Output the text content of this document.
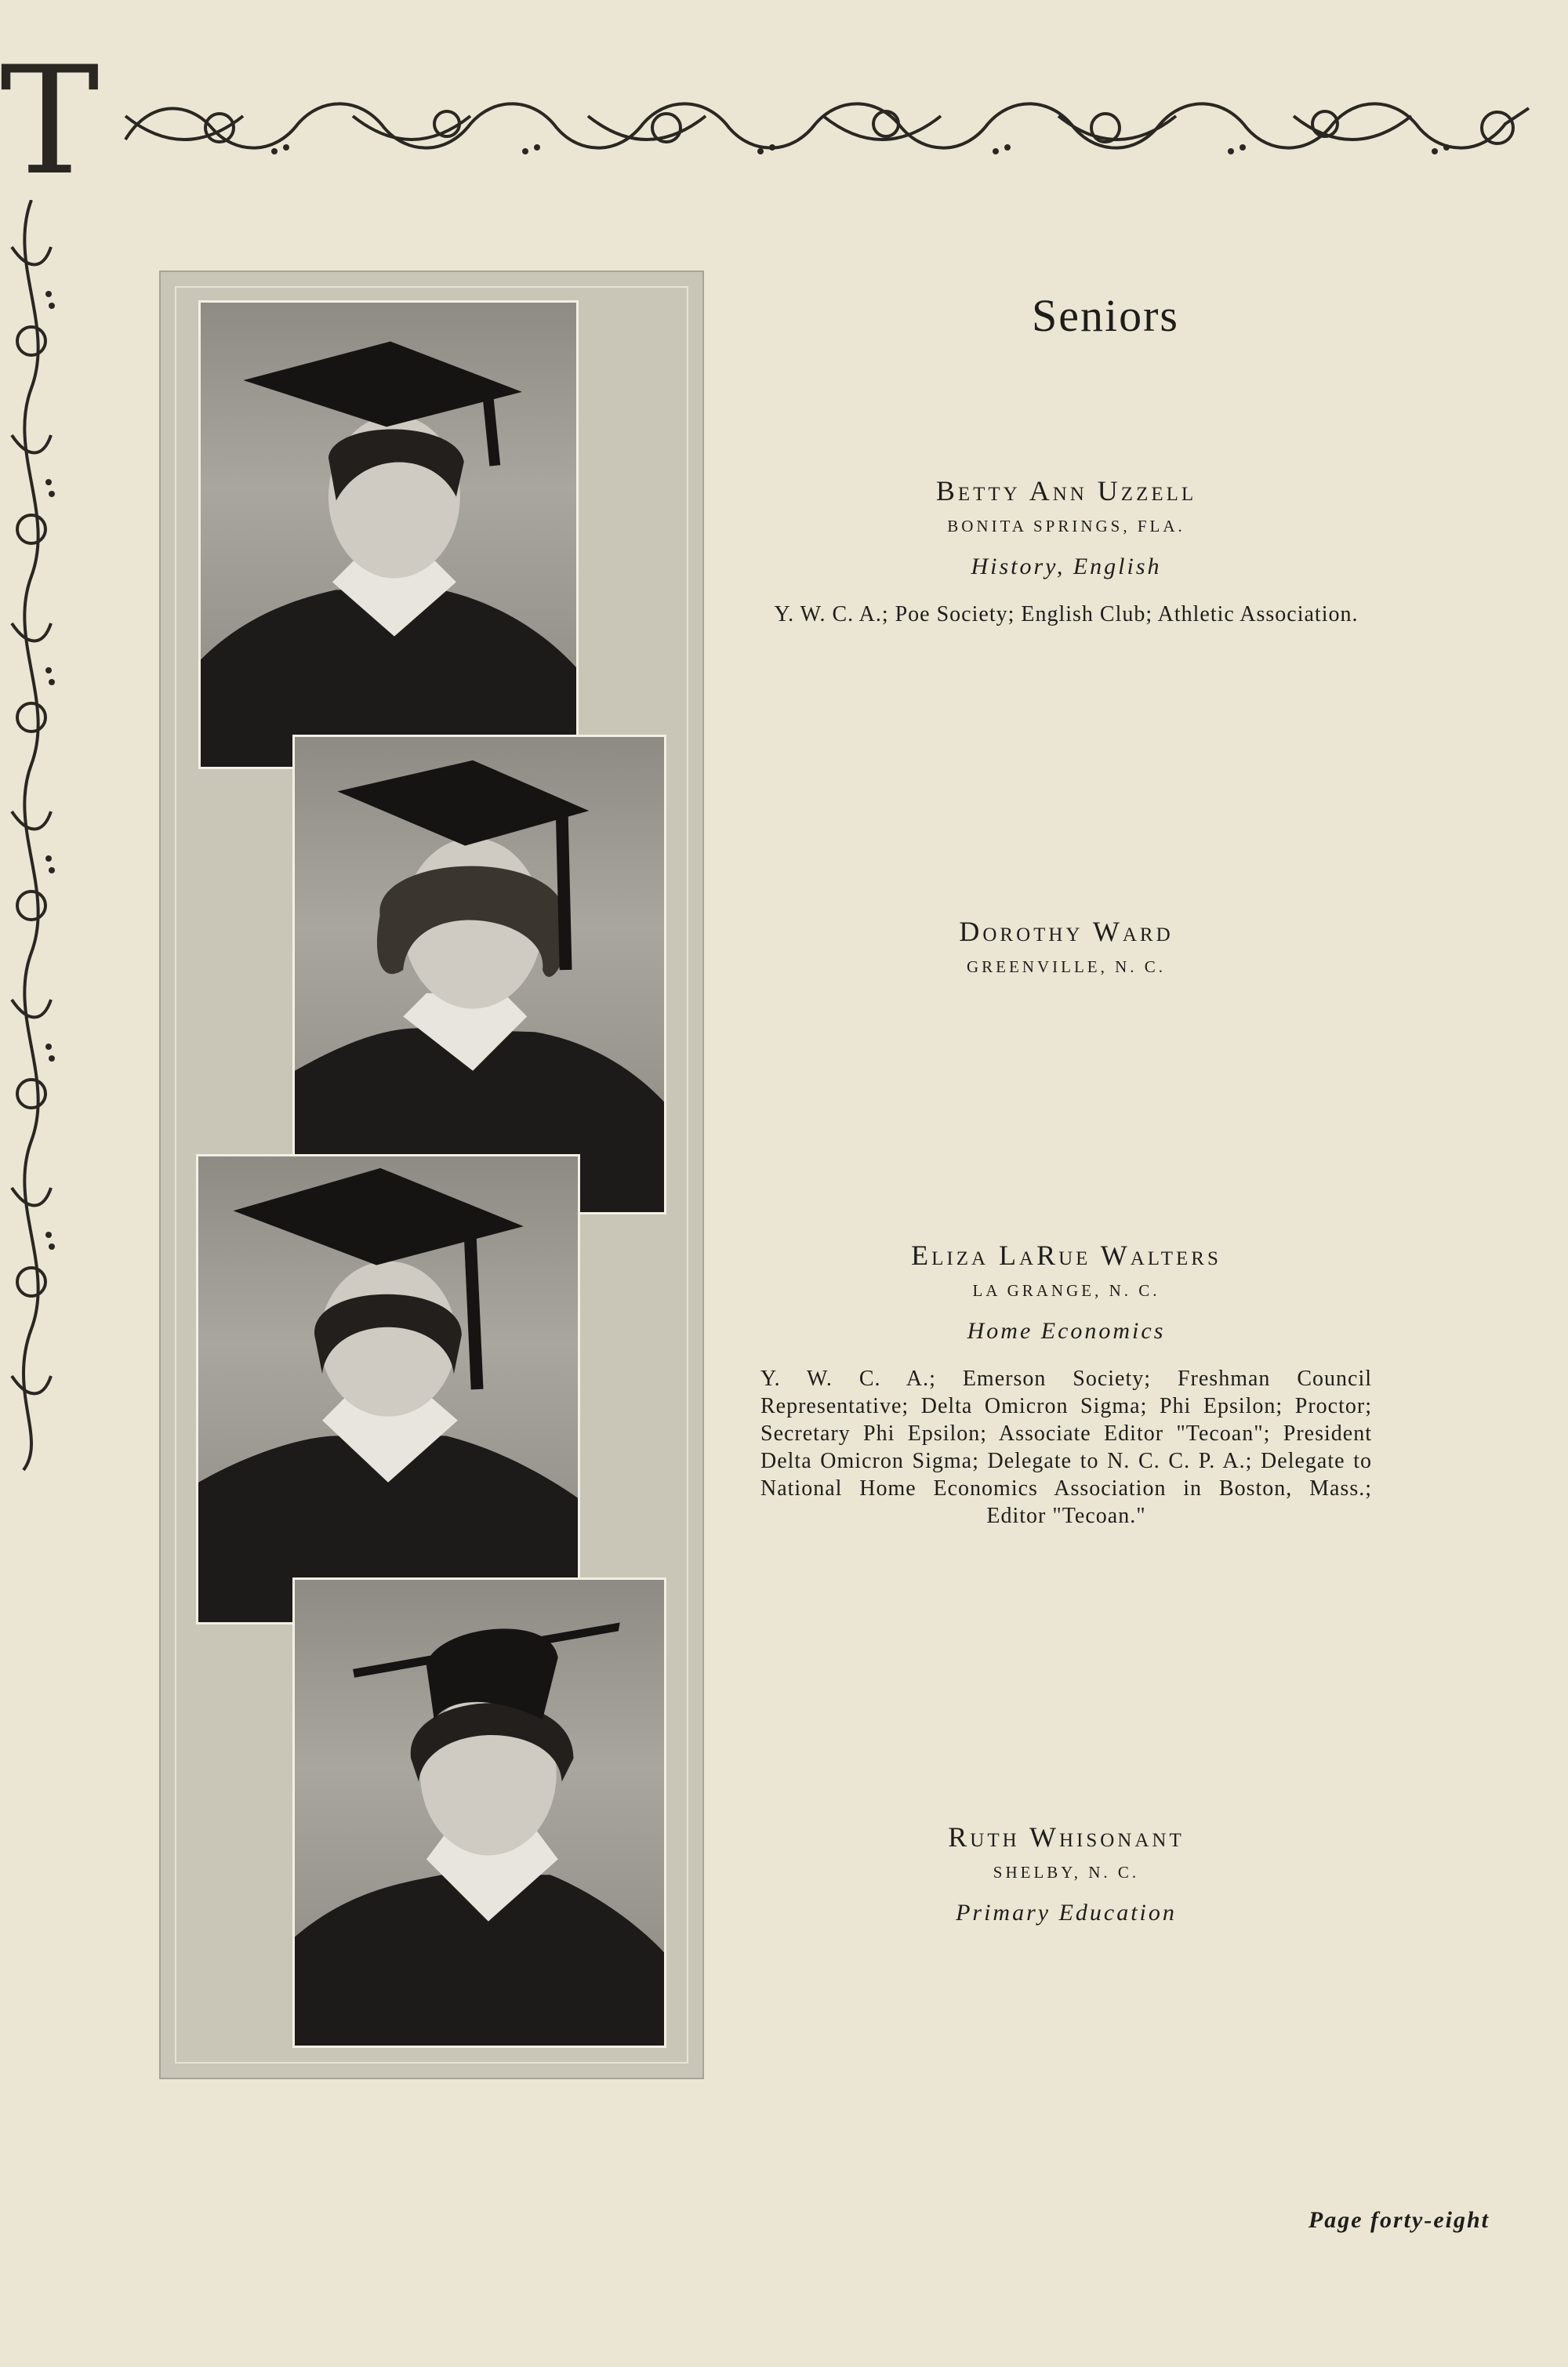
T
Seniors
Betty Ann Uzzell
BONITA SPRINGS, FLA.
History, English
Y. W. C. A.; Poe Society; English Club; Athletic Association.
Dorothy Ward
GREENVILLE, N. C.
Eliza LaRue Walters
LA GRANGE, N. C.
Home Economics
Y. W. C. A.; Emerson Society; Freshman Council Representative; Delta Omicron Sigma; Phi Epsilon; Proctor; Secretary Phi Epsilon; Associate Editor "Tecoan"; President Delta Omicron Sigma; Delegate to N. C. C. P. A.; Delegate to National Home Economics Association in Boston, Mass.; Editor "Tecoan."
Ruth Whisonant
SHELBY, N. C.
Primary Education
Page forty-eight
